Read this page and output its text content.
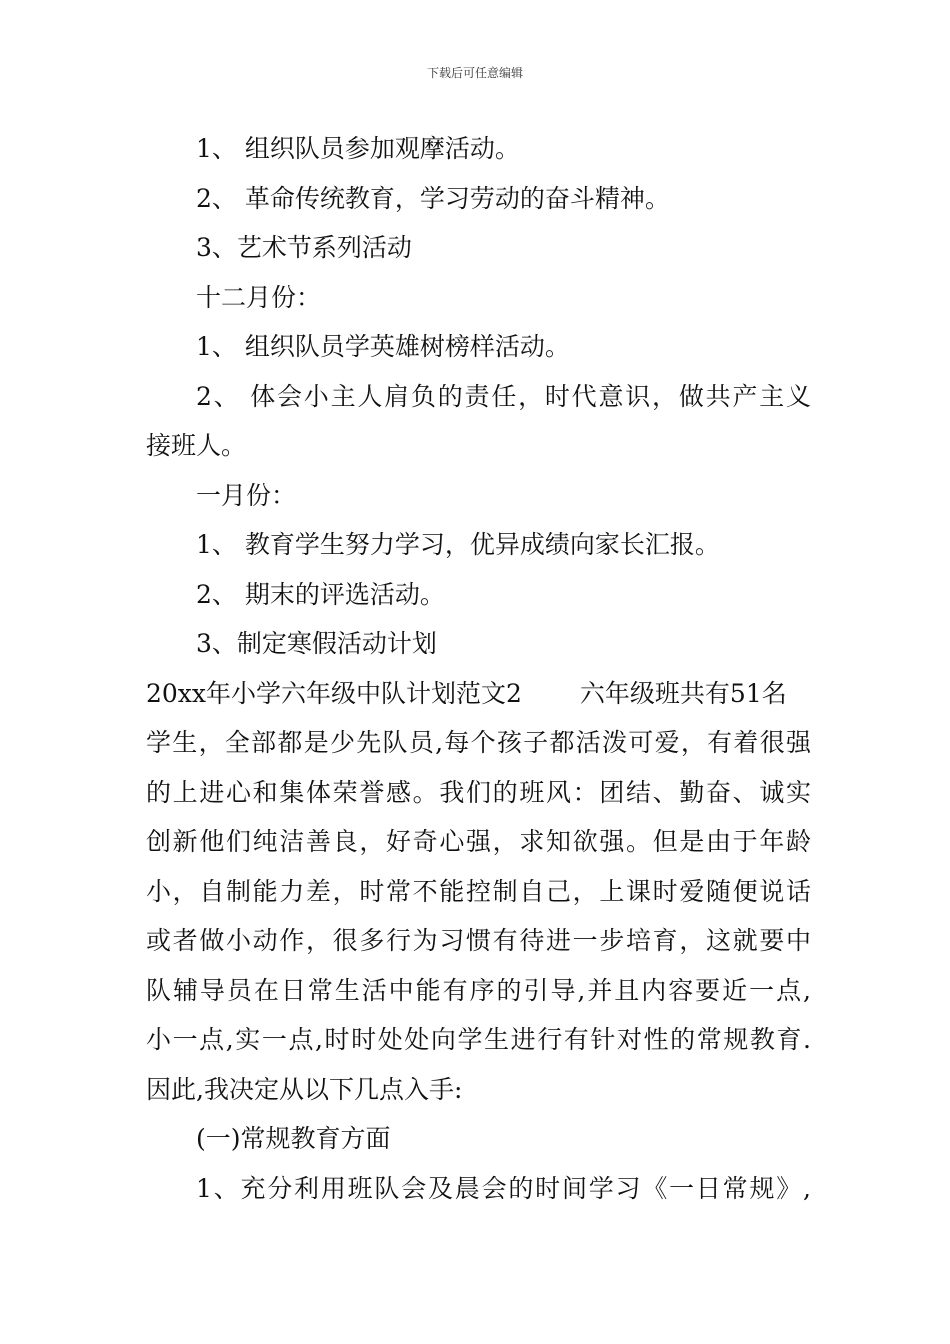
下载后可任意编辑
1、 组织队员参加观摩活动。
2、 革命传统教育，学习劳动的奋斗精神。
3、艺术节系列活动
十二月份：
1、 组织队员学英雄树榜样活动。
2、 体会小主人肩负的责任，时代意识，做共产主义
接班人。
一月份：
1、 教育学生努力学习，优异成绩向家长汇报。
2、 期末的评选活动。
3、制定寒假活动计划
20xx年小学六年级中队计划范文2 六年级班共有51名
学生，全部都是少先队员,每个孩子都活泼可爱，有着很强
的上进心和集体荣誉感。我们的班风：团结、勤奋、诚实
创新他们纯洁善良，好奇心强，求知欲强。但是由于年龄
小，自制能力差，时常不能控制自己，上课时爱随便说话
或者做小动作，很多行为习惯有待进一步培育，这就要中
队辅导员在日常生活中能有序的引导,并且内容要近一点,
小一点,实一点,时时处处向学生进行有针对性的常规教育.
因此,我决定从以下几点入手:
(一)常规教育方面
1、充分利用班队会及晨会的时间学习《一日常规》,
